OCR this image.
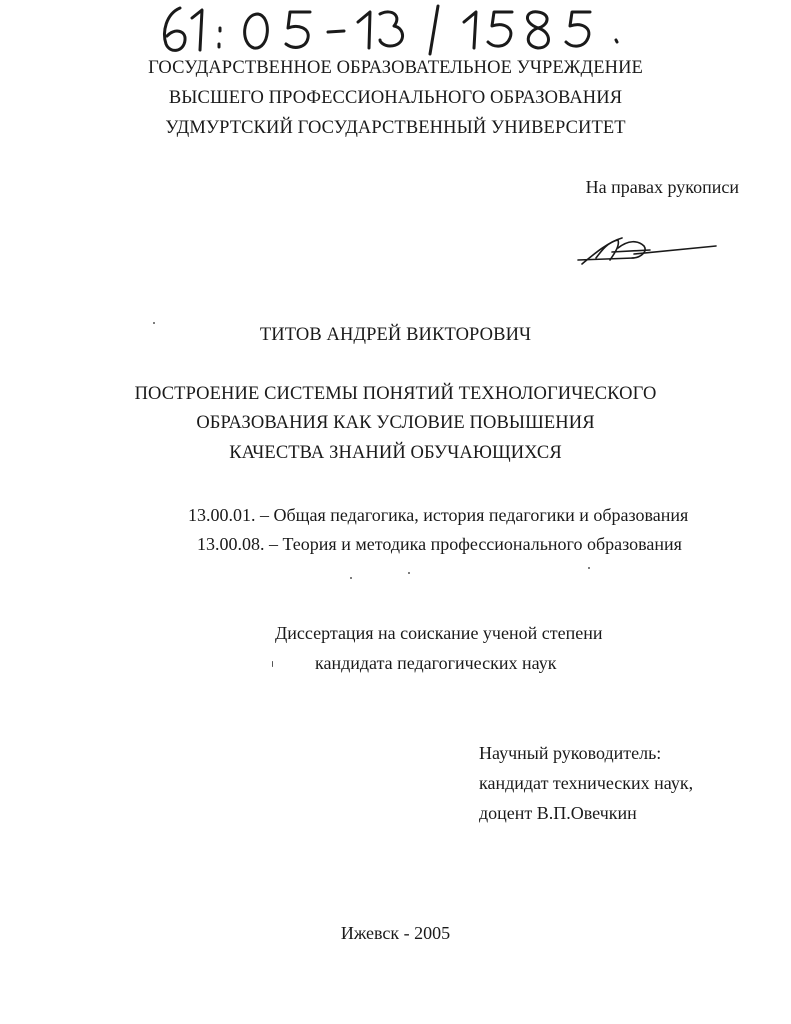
ГОСУДАРСТВЕННОЕ ОБРАЗОВАТЕЛЬНОЕ УЧРЕЖДЕНИЕ
ВЫСШЕГО ПРОФЕССИОНАЛЬНОГО ОБРАЗОВАНИЯ
УДМУРТСКИЙ ГОСУДАРСТВЕННЫЙ УНИВЕРСИТЕТ
На правах рукописи
ТИТОВ АНДРЕЙ ВИКТОРОВИЧ
ПОСТРОЕНИЕ СИСТЕМЫ ПОНЯТИЙ ТЕХНОЛОГИЧЕСКОГО
ОБРАЗОВАНИЯ КАК УСЛОВИЕ ПОВЫШЕНИЯ
КАЧЕСТВА ЗНАНИЙ ОБУЧАЮЩИХСЯ
13.00.01. – Общая педагогика, история педагогики и образования
13.00.08. – Теория и методика профессионального образования
Диссертация на соискание ученой степени
кандидата педагогических наук
Научный руководитель:
кандидат технических наук,
доцент В.П.Овечкин
Ижевск - 2005
